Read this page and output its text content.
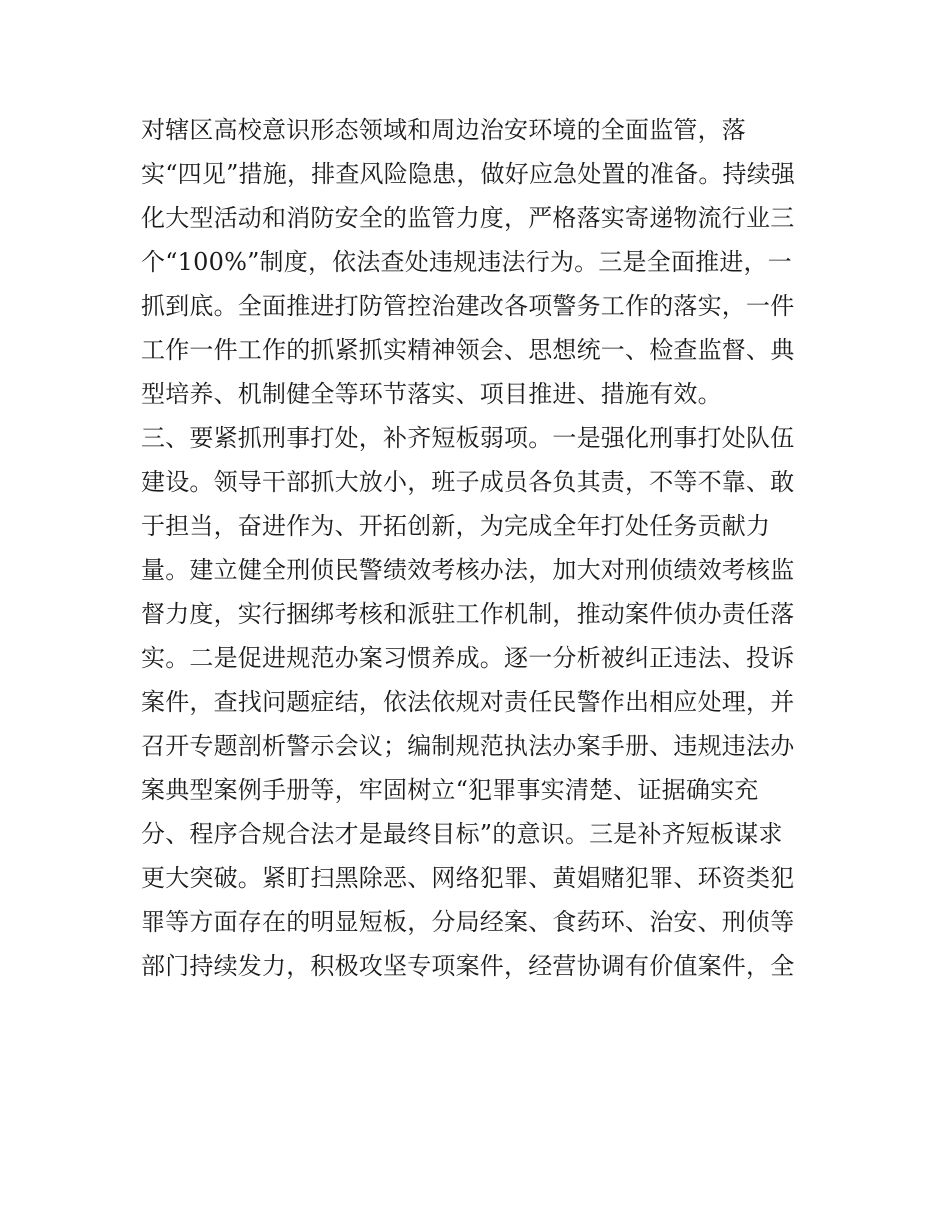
对辖区高校意识形态领域和周边治安环境的全面监管，落
实“四见”措施，排查风险隐患，做好应急处置的准备。持续强
化大型活动和消防安全的监管力度，严格落实寄递物流行业三
个“100%”制度，依法查处违规违法行为。三是全面推进，一
抓到底。全面推进打防管控治建改各项警务工作的落实，一件
工作一件工作的抓紧抓实精神领会、思想统一、检查监督、典
型培养、机制健全等环节落实、项目推进、措施有效。
三、要紧抓刑事打处，补齐短板弱项。一是强化刑事打处队伍
建设。领导干部抓大放小，班子成员各负其责，不等不靠、敢
于担当，奋进作为、开拓创新，为完成全年打处任务贡献力
量。建立健全刑侦民警绩效考核办法，加大对刑侦绩效考核监
督力度，实行捆绑考核和派驻工作机制，推动案件侦办责任落
实。二是促进规范办案习惯养成。逐一分析被纠正违法、投诉
案件，查找问题症结，依法依规对责任民警作出相应处理，并
召开专题剖析警示会议；编制规范执法办案手册、违规违法办
案典型案例手册等，牢固树立“犯罪事实清楚、证据确实充
分、程序合规合法才是最终目标”的意识。三是补齐短板谋求
更大突破。紧盯扫黑除恶、网络犯罪、黄娼赌犯罪、环资类犯
罪等方面存在的明显短板，分局经案、食药环、治安、刑侦等
部门持续发力，积极攻坚专项案件，经营协调有价值案件，全
